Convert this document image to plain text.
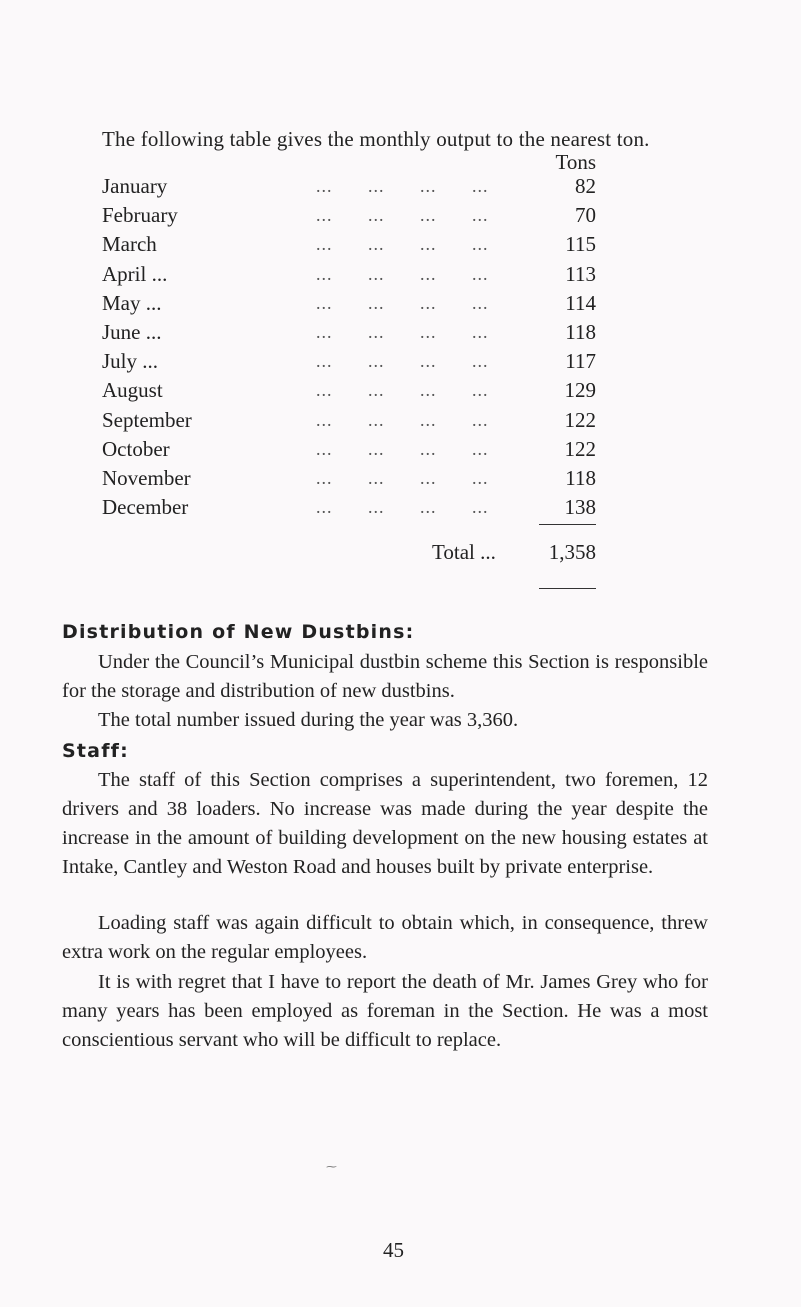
The following table gives the monthly output to the nearest ton.

Tons
January	... ... ... ...	82
February	... ... ... ...	70
March	... ... ... ...	115
April ...	... ... ... ...	113
May ...	... ... ... ...	114
June ...	... ... ... ...	118
July ...	... ... ... ...	117
August	... ... ... ...	129
September	... ... ... ...	122
October	... ... ... ...	122
November	... ... ... ...	118
December	... ... ... ...	138
Total ...	1,358
Distribution of New Dustbins:

Under the Council’s Municipal dustbin scheme this Section is responsible for the storage and distribution of new dustbins.

The total number issued during the year was 3,360.

Staff:

The staff of this Section comprises a superintendent, two foremen, 12 drivers and 38 loaders. No increase was made during the year despite the increase in the amount of building development on the new housing estates at Intake, Cantley and Weston Road and houses built by private enterprise.

Loading staff was again difficult to obtain which, in consequence, threw extra work on the regular employees.

It is with regret that I have to report the death of Mr. James Grey who for many years has been employed as foreman in the Section. He was a most conscientious servant who will be difficult to replace.

⁓
45
